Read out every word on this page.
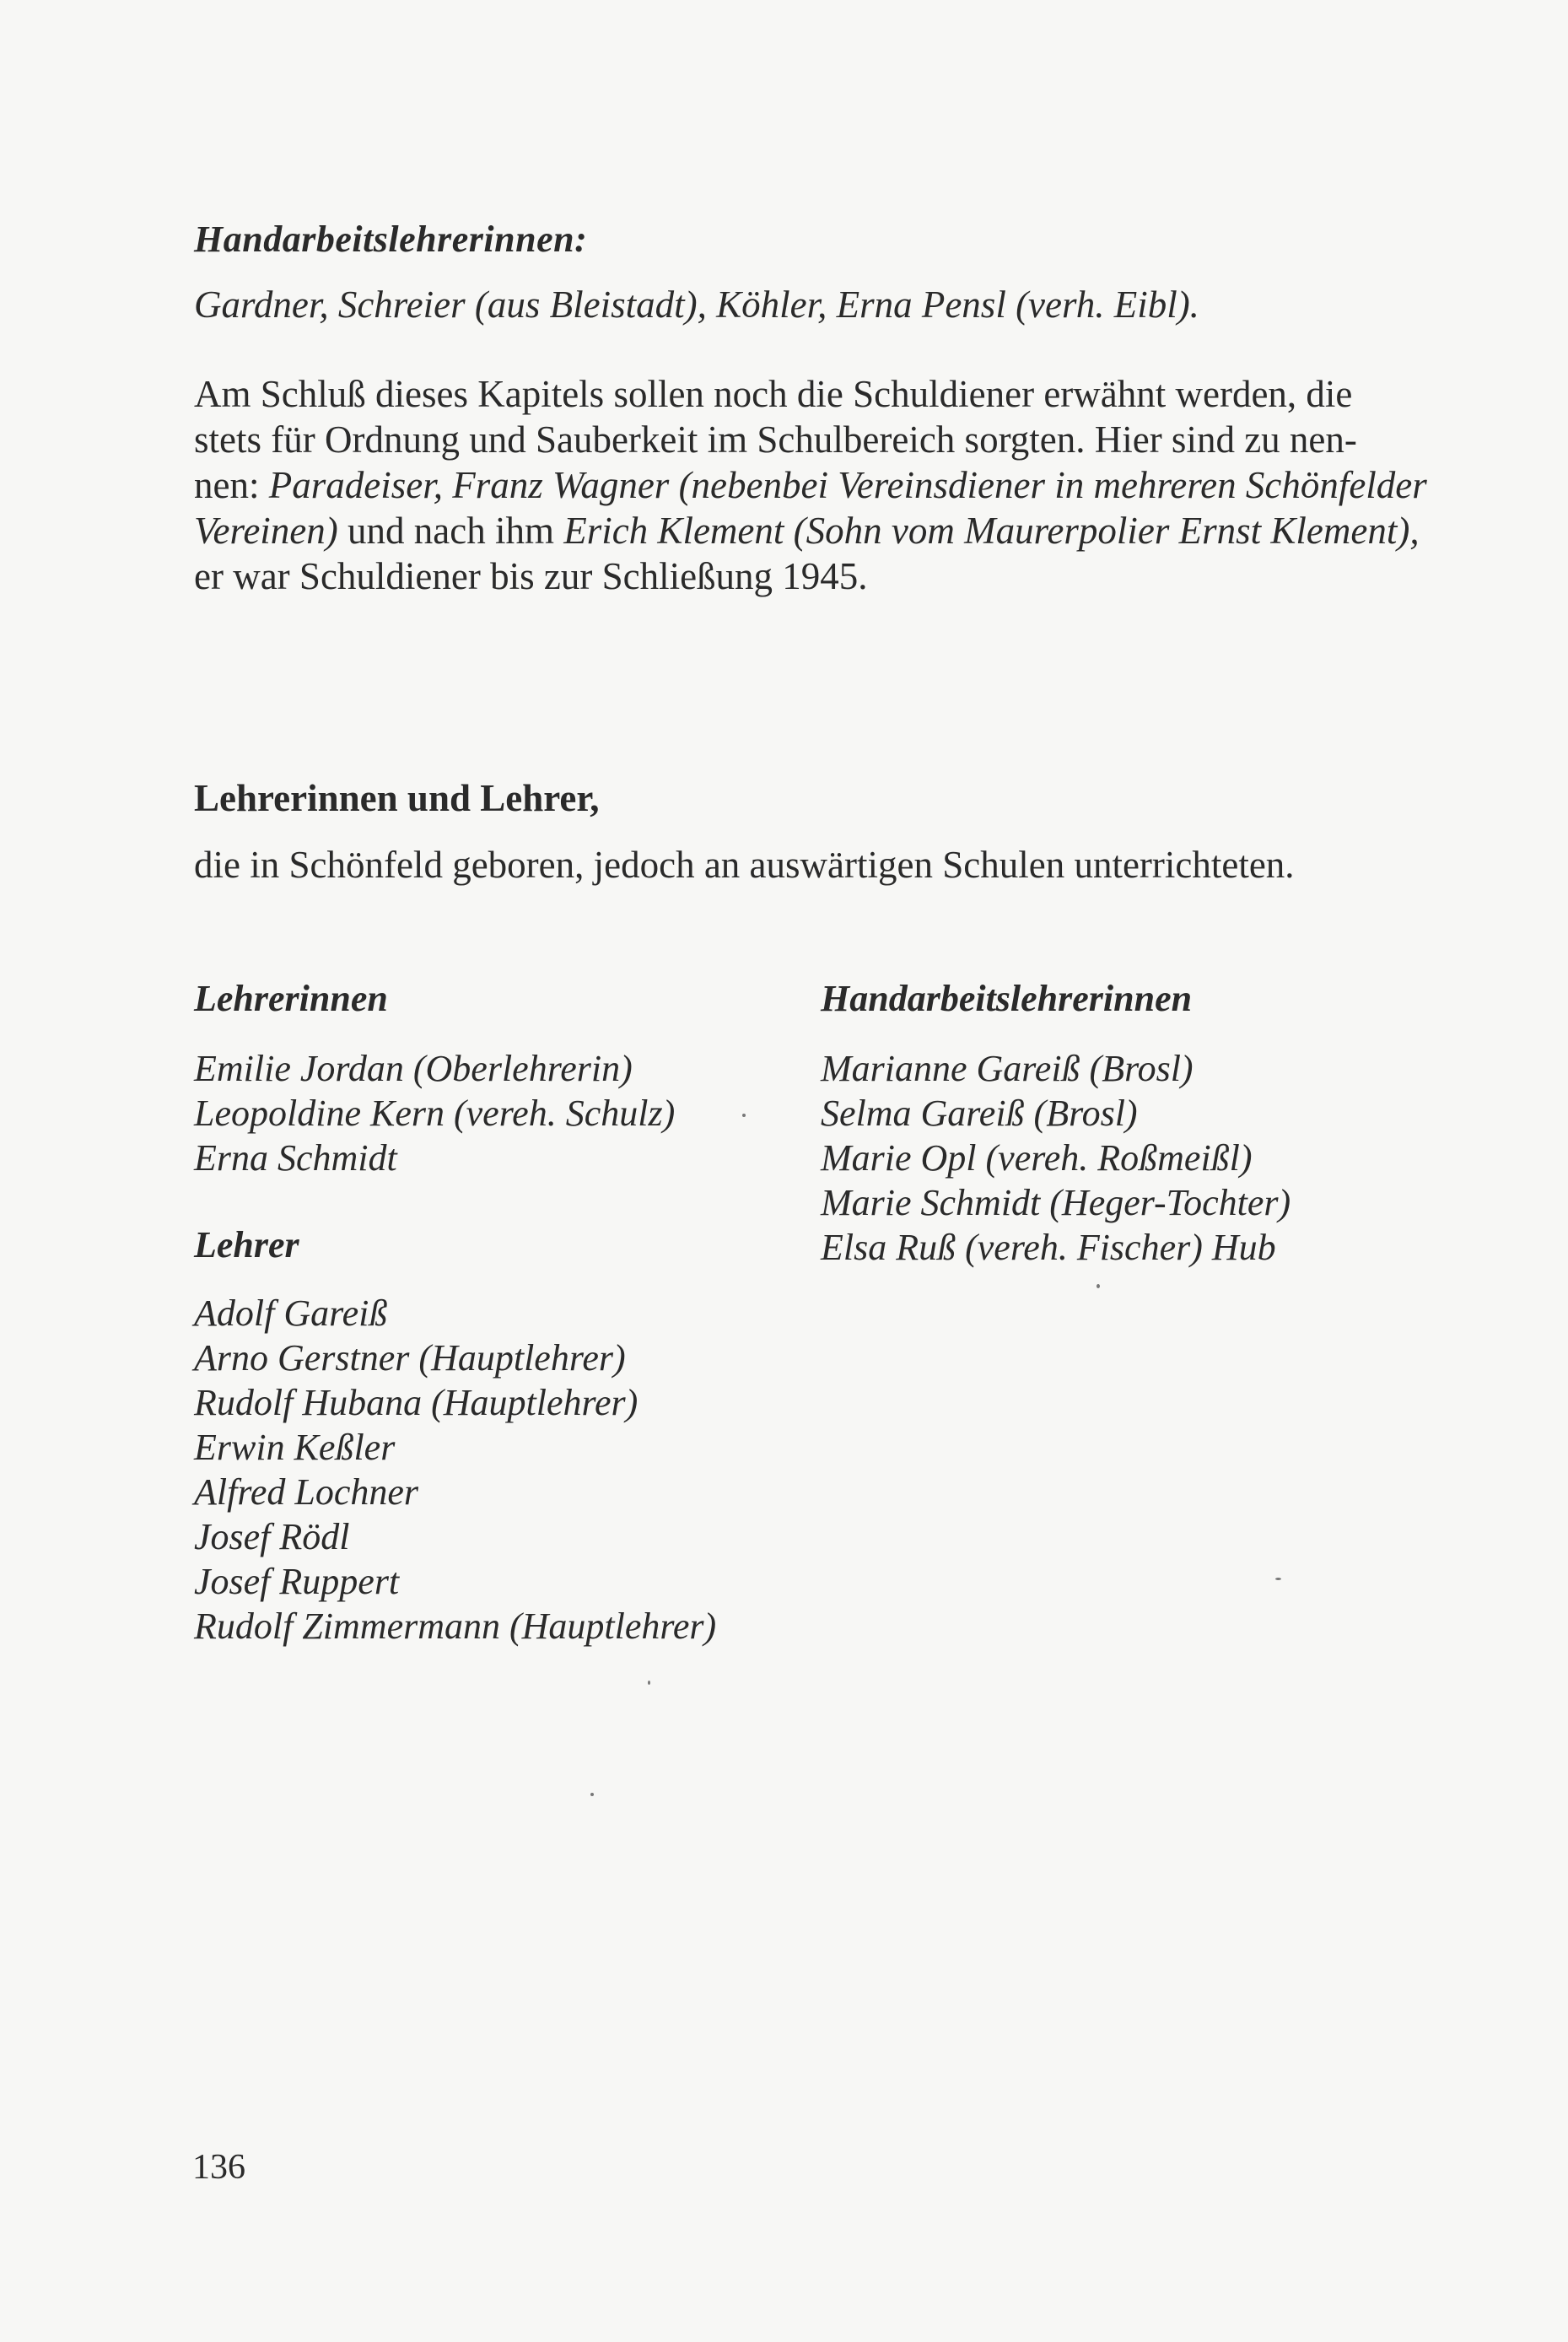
Handarbeitslehrerinnen:
Gardner, Schreier (aus Bleistadt), Köhler, Erna Pensl (verh. Eibl).
Am Schluß dieses Kapitels sollen noch die Schuldiener erwähnt werden, die
stets für Ordnung und Sauberkeit im Schulbereich sorgten. Hier sind zu nen-
nen: Paradeiser, Franz Wagner (nebenbei Vereinsdiener in mehreren Schönfelder
Vereinen) und nach ihm Erich Klement (Sohn vom Maurerpolier Ernst Klement),
er war Schuldiener bis zur Schließung 1945.
Lehrerinnen und Lehrer,
die in Schönfeld geboren, jedoch an auswärtigen Schulen unterrichteten.
Lehrerinnen
Emilie Jordan (Oberlehrerin)
Leopoldine Kern (vereh. Schulz)
Erna Schmidt
Lehrer
Adolf Gareiß
Arno Gerstner (Hauptlehrer)
Rudolf Hubana (Hauptlehrer)
Erwin Keßler
Alfred Lochner
Josef Rödl
Josef Ruppert
Rudolf Zimmermann (Hauptlehrer)
Handarbeitslehrerinnen
Marianne Gareiß (Brosl)
Selma Gareiß (Brosl)
Marie Opl (vereh. Roßmeißl)
Marie Schmidt (Heger-Tochter)
Elsa Ruß (vereh. Fischer) Hub
136
